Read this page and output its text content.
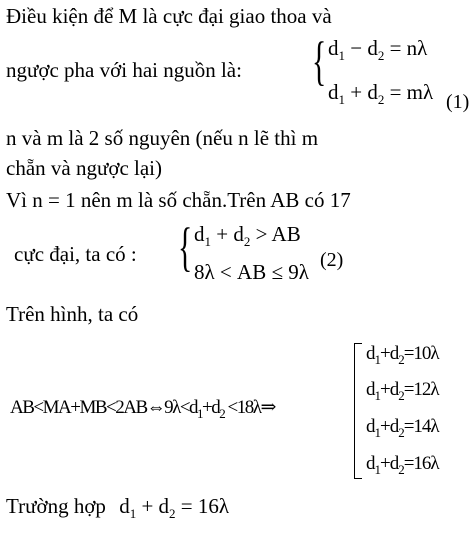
Điều kiện để M là cực đại giao thoa và
ngược pha với hai nguồn là: { $d_1 - d_2 = n\lambda$
$d_1 + d_2 = m\lambda$ (1)
n và m là 2 số nguyên (nếu n lẽ thì m
chẵn và ngược lại)
Vì n = 1 nên m là số chẵn.Trên AB có 17
cực đại, ta có : { $d_1 + d_2$ > AB
8λ < AB ≤ 9λ (2)
Trên hình, ta có
$AB<MA+MB<2AB\Leftrightarrow 9\lambda<d_1+d_2$ <18λ⇒
$d_1+d_2=10\lambda$
$d_1+d_2=12\lambda$
$d_1+d_2=14\lambda$
$d_1+d_2=16\lambda$
Trường hợp $d_1 + d_2 = 16\lambda$
